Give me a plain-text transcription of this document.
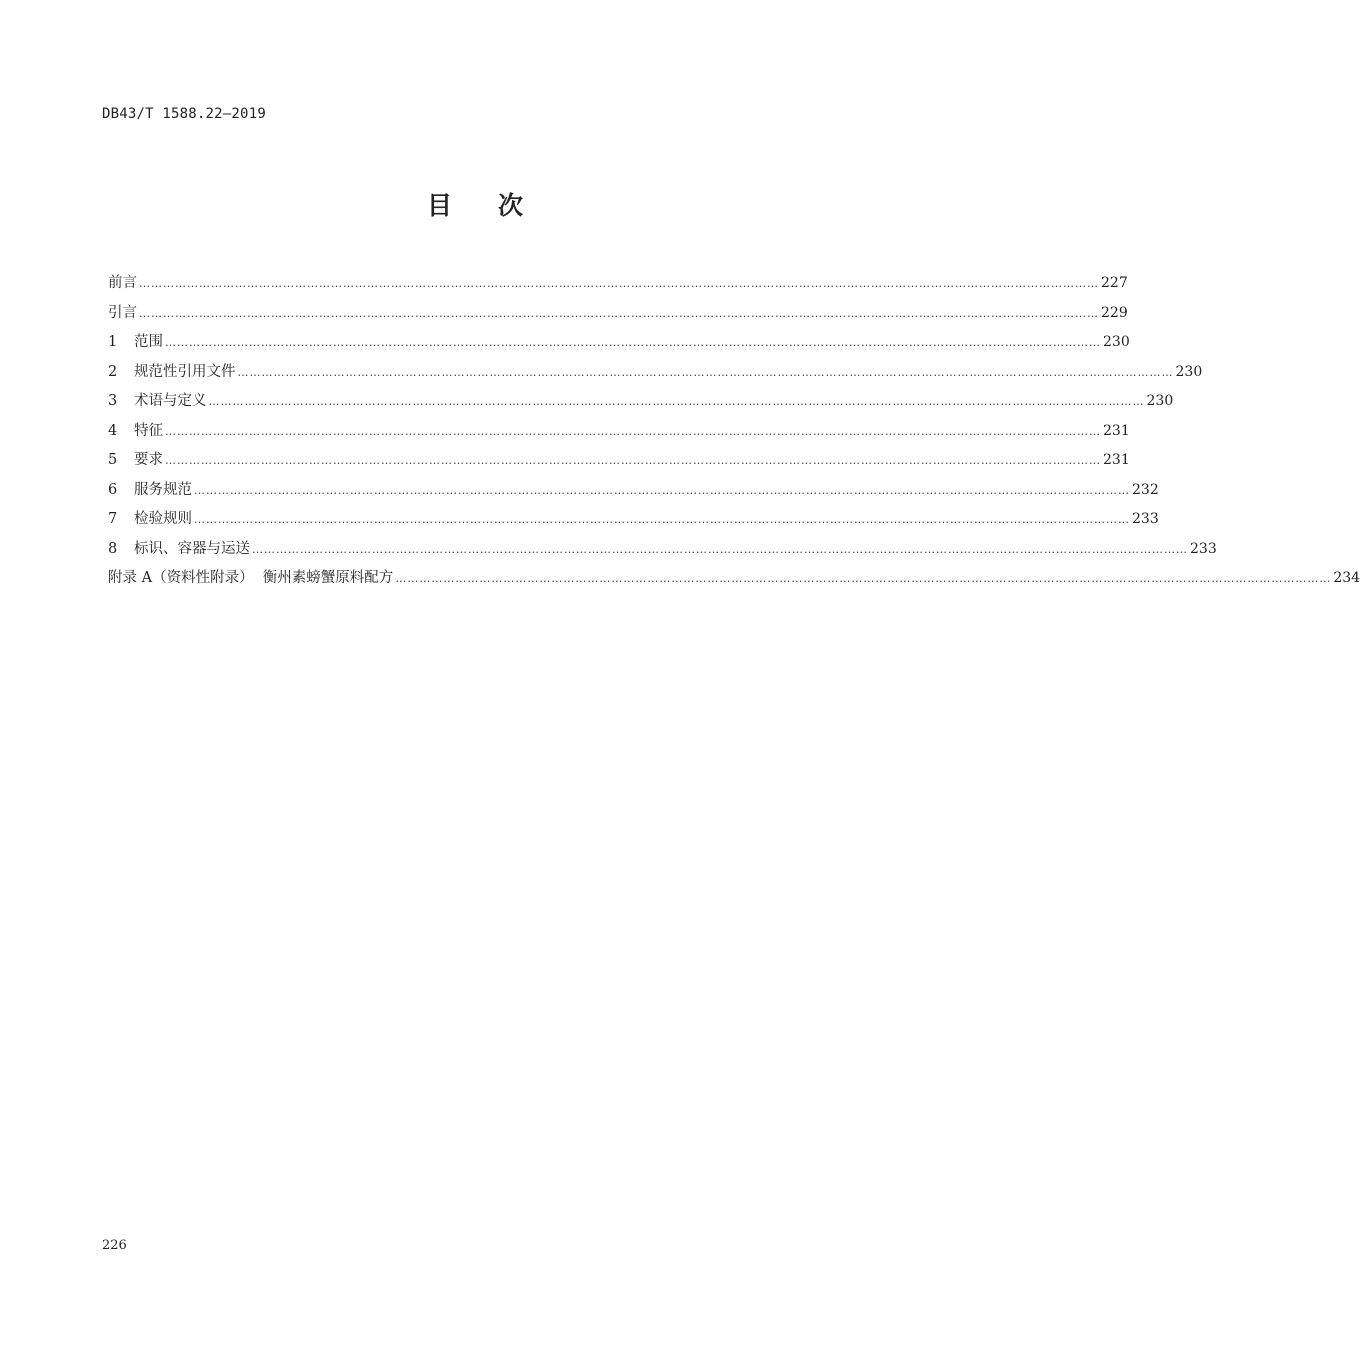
DB43/T 1588.22—2019
目 次
前言 …………………………………………………………………………………………………………………………………………………………………………………………………………………… 227
引言 …………………………………………………………………………………………………………………………………………………………………………………………………………………… 229
1	范围 ……………………………………………………………………………………………………………………………………………………………………………………………………………… 230
2	规范性引用文件 ……………………………………………………………………………………………………………………………………………………………………………………………………………… 230
3	术语与定义 ……………………………………………………………………………………………………………………………………………………………………………………………………………… 230
4	特征 ……………………………………………………………………………………………………………………………………………………………………………………………………………… 231
5	要求 ……………………………………………………………………………………………………………………………………………………………………………………………………………… 231
6	服务规范 ……………………………………………………………………………………………………………………………………………………………………………………………………………… 232
7	检验规则 ……………………………………………………………………………………………………………………………………………………………………………………………………………… 233
8	标识、容器与运送 ……………………………………………………………………………………………………………………………………………………………………………………………………………… 233
附录 A（资料性附录）  衡州素螃蟹原料配方 ……………………………………………………………………………………………………………………………………………………………………………………………………………… 234
226
